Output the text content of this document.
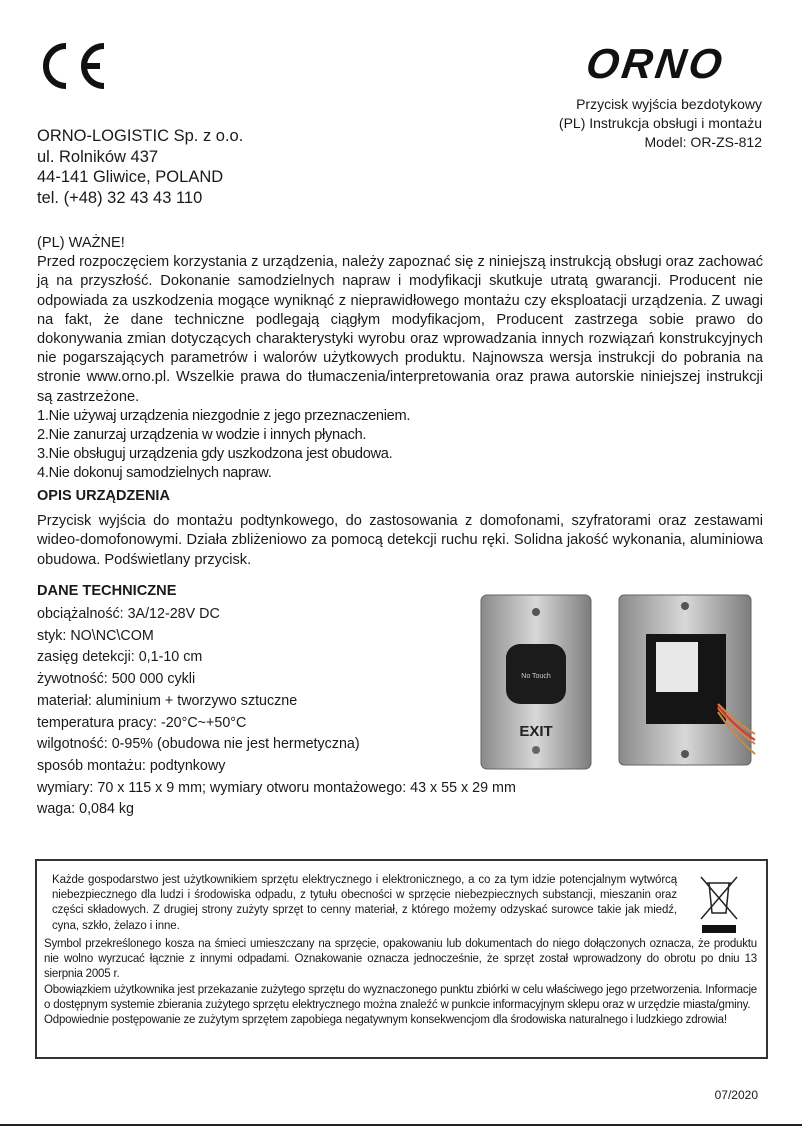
ORNO
Przycisk wyjścia bezdotykowy
(PL) Instrukcja obsługi i montażu
Model: OR-ZS-812
ORNO-LOGISTIC Sp. z o.o.
ul. Rolników 437
44-141 Gliwice, POLAND
tel. (+48) 32 43 43 110

(PL) WAŻNE!

Przed rozpoczęciem korzystania z urządzenia, należy zapoznać się z niniejszą instrukcją obsługi oraz zachować ją na przyszłość. Dokonanie samodzielnych napraw i modyfikacji skutkuje utratą gwarancji. Producent nie odpowiada za uszkodzenia mogące wyniknąć z nieprawidłowego montażu czy eksploatacji urządzenia. Z uwagi na fakt, że dane techniczne podlegają ciągłym modyfikacjom, Producent zastrzega sobie prawo do dokonywania zmian dotyczących charakterystyki wyrobu oraz wprowadzania innych rozwiązań konstrukcyjnych nie pogarszających parametrów i walorów użytkowych produktu. Najnowsza wersja instrukcji do pobrania na stronie www.orno.pl. Wszelkie prawa do tłumaczenia/interpretowania oraz prawa autorskie niniejszej instrukcji są zastrzeżone.

1.Nie używaj urządzenia niezgodnie z jego przeznaczeniem.

2.Nie zanurzaj urządzenia w wodzie i innych płynach.

3.Nie obsługuj urządzenia gdy uszkodzona jest obudowa.

4.Nie dokonuj samodzielnych napraw.

OPIS URZĄDZENIA
Przycisk wyjścia do montażu podtynkowego, do zastosowania z domofonami, szyfratorami oraz zestawami wideo-domofonowymi. Działa zbliżeniowo za pomocą detekcji ruchu ręki. Solidna jakość wykonania, aluminiowa obudowa. Podświetlany przycisk.
DANE TECHNICZNE
obciążalność: 3A/12-28V DC
styk: NO\NC\COM
zasięg detekcji: 0,1-10 cm
żywotność: 500 000 cykli
materiał: aluminium + tworzywo sztuczne
temperatura pracy: -20°C~+50°C
wilgotność: 0-95% (obudowa nie jest hermetyczna)
sposób montażu: podtynkowy
wymiary: 70 x 115 x 9 mm; wymiary otworu montażowego: 43 x 55 x 29 mm
waga: 0,084 kg
No Touch
EXIT

Każde gospodarstwo jest użytkownikiem sprzętu elektrycznego i elektronicznego, a co za tym idzie potencjalnym wytwórcą niebezpiecznego dla ludzi i środowiska odpadu, z tytułu obecności w sprzęcie niebezpiecznych substancji, mieszanin oraz części składowych. Z drugiej strony zużyty sprzęt to cenny materiał, z którego możemy odzyskać surowce takie jak miedź, cyna, szkło, żelazo i inne.

Symbol przekreślonego kosza na śmieci umieszczany na sprzęcie, opakowaniu lub dokumentach do niego dołączonych oznacza, że produktu nie wolno wyrzucać łącznie z innymi odpadami. Oznakowanie oznacza jednocześnie, że sprzęt został wprowadzony do obrotu po dniu 13 sierpnia 2005 r.

Obowiązkiem użytkownika jest przekazanie zużytego sprzętu do wyznaczonego punktu zbiórki w celu właściwego jego przetworzenia. Informacje o dostępnym systemie zbierania zużytego sprzętu elektrycznego można znaleźć w punkcie informacyjnym sklepu oraz w urzędzie miasta/gminy.

Odpowiednie postępowanie ze zużytym sprzętem zapobiega negatywnym konsekwencjom dla środowiska naturalnego i ludzkiego zdrowia!

07/2020
